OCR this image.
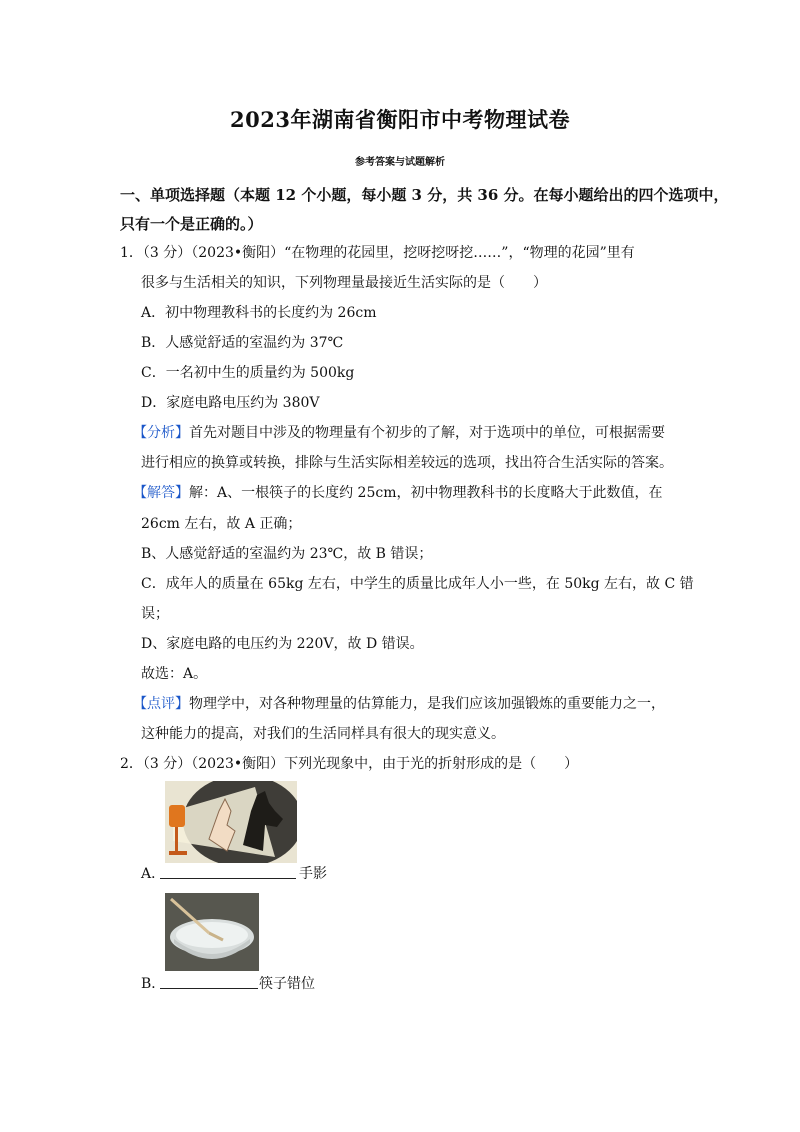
2023年湖南省衡阳市中考物理试卷
参考答案与试题解析
一、单项选择题（本题 12 个小题，每小题 3 分，共 36 分。在每小题给出的四个选项中，
只有一个是正确的。）
1．（3 分）（2023•衡阳）“在物理的花园里，挖呀挖呀挖……”，“物理的花园”里有
很多与生活相关的知识，下列物理量最接近生活实际的是（　　）
A．初中物理教科书的长度约为 26cm
B．人感觉舒适的室温约为 37℃
C．一名初中生的质量约为 500kg
D．家庭电路电压约为 380V
【分析】首先对题目中涉及的物理量有个初步的了解，对于选项中的单位，可根据需要
进行相应的换算或转换，排除与生活实际相差较远的选项，找出符合生活实际的答案。
【解答】解：A、一根筷子的长度约 25cm，初中物理教科书的长度略大于此数值，在
26cm 左右，故 A 正确；
B、人感觉舒适的室温约为 23℃，故 B 错误；
C．成年人的质量在 65kg 左右，中学生的质量比成年人小一些，在 50kg 左右，故 C 错
误；
D、家庭电路的电压约为 220V，故 D 错误。
故选：A。
【点评】物理学中，对各种物理量的估算能力，是我们应该加强锻炼的重要能力之一，
这种能力的提高，对我们的生活同样具有很大的现实意义。
2．（3 分）（2023•衡阳）下列光现象中，由于光的折射形成的是（　　）
A．	手影
B．	筷子错位
